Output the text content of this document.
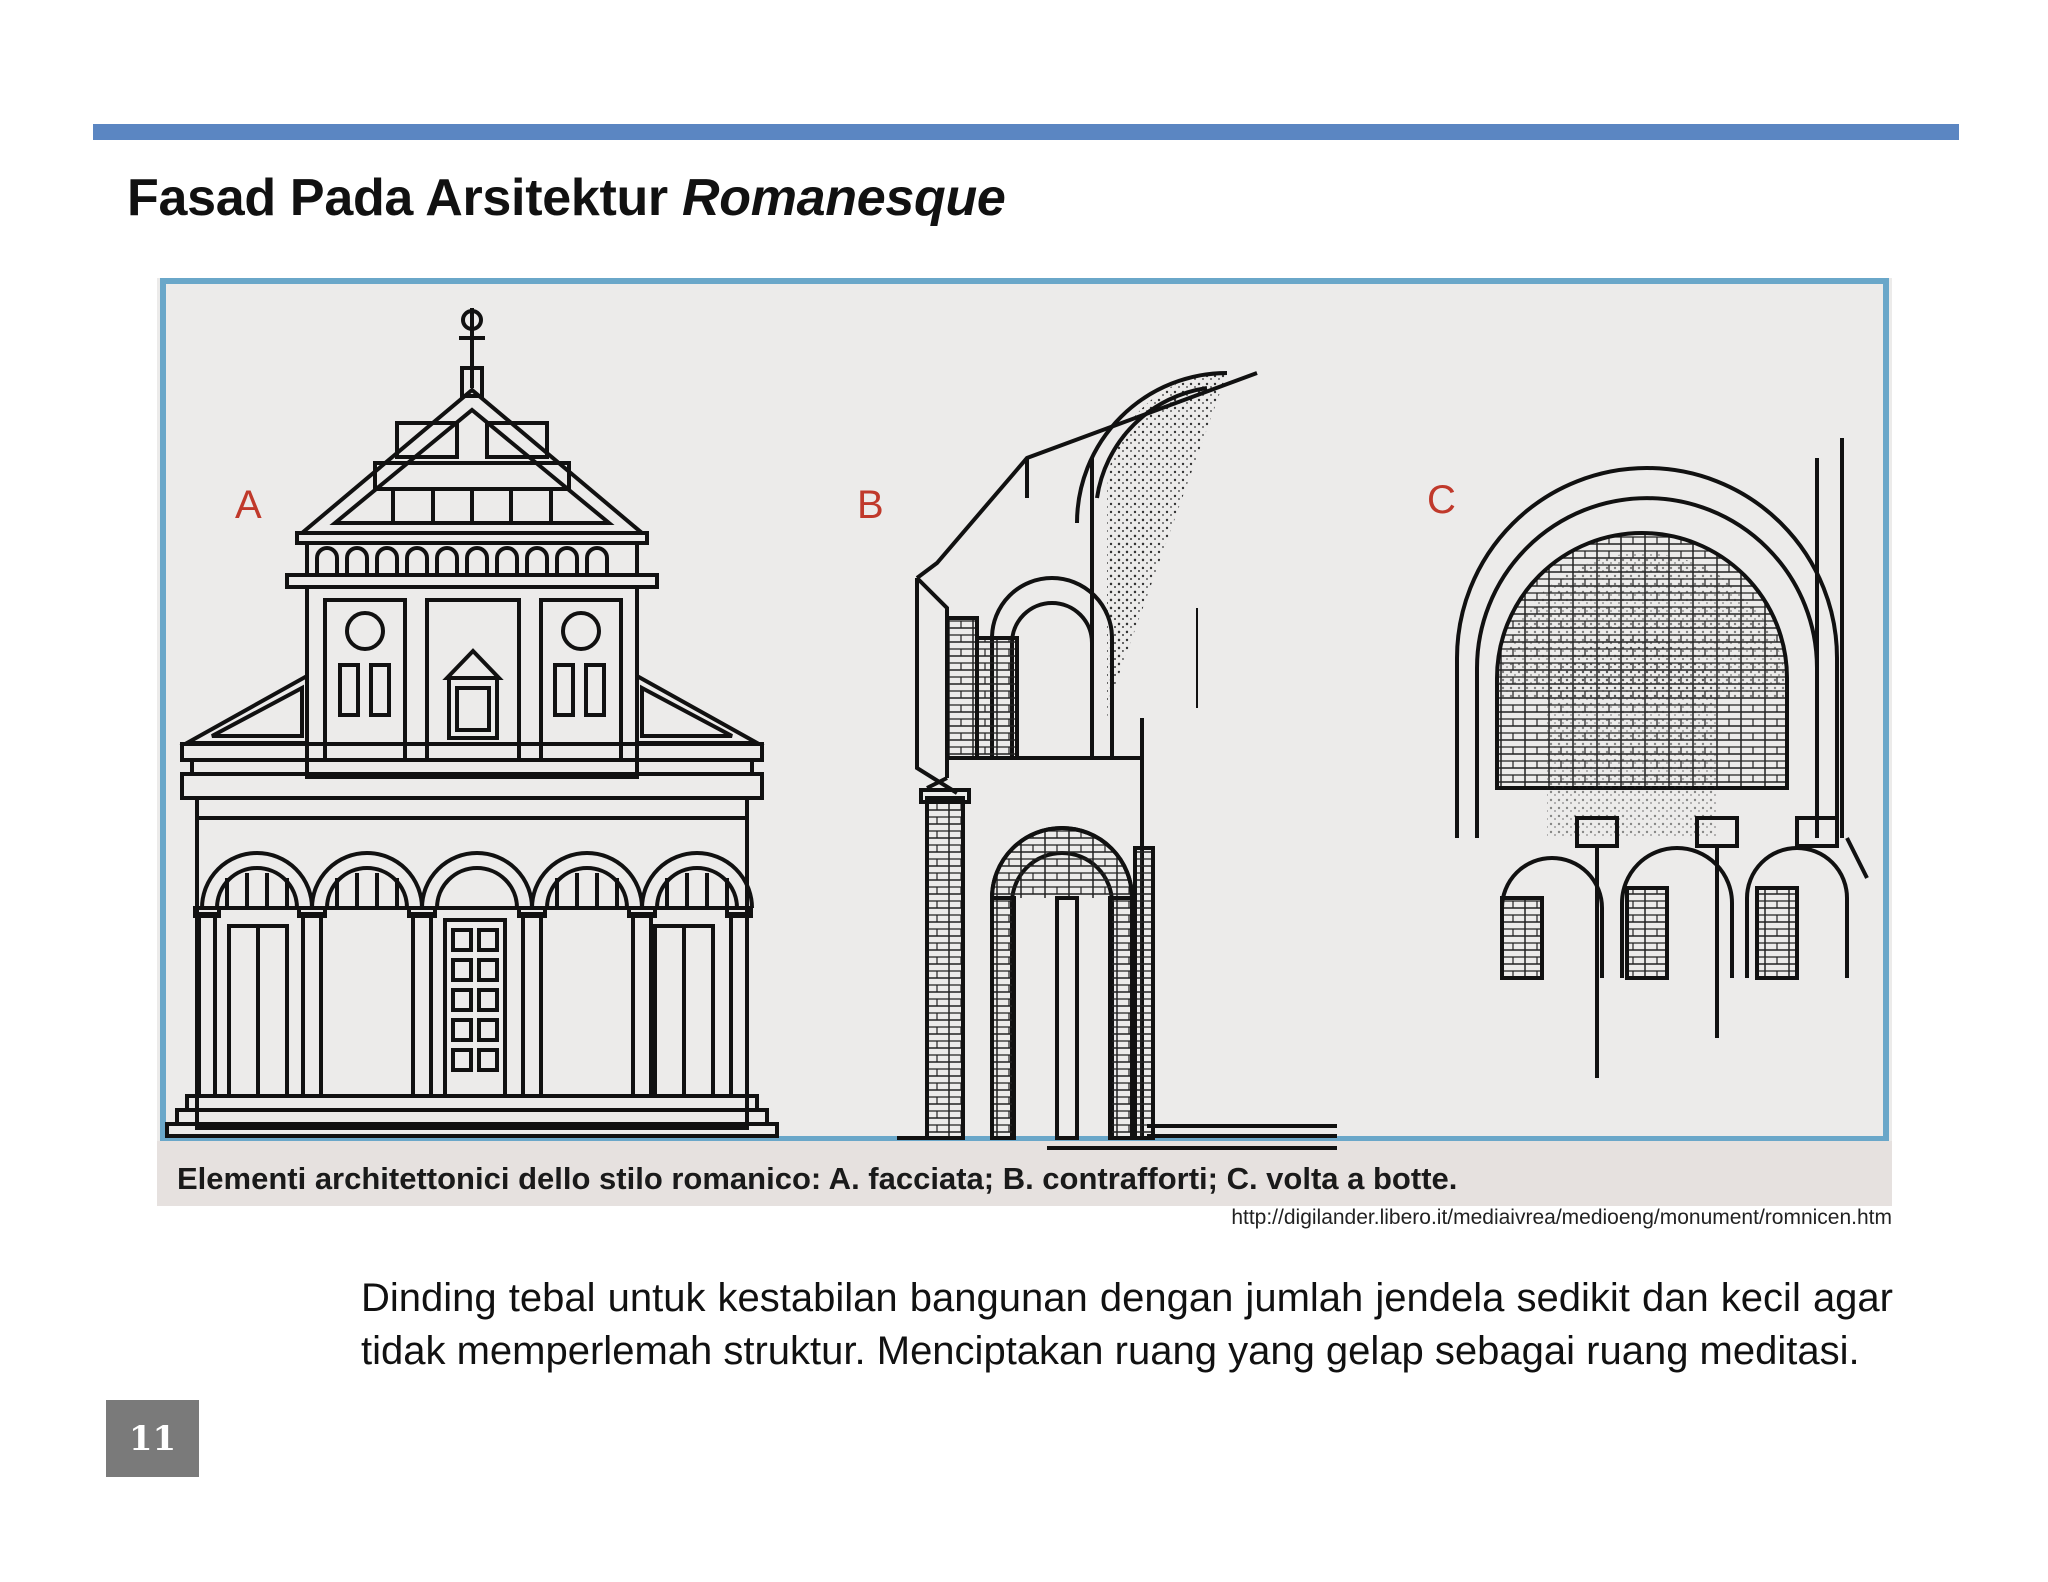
Fasad Pada Arsitektur Romanesque
A	B	C
Elementi architettonici dello stilo romanico: A. facciata; B. contrafforti; C. volta a botte.
http://digilander.libero.it/mediaivrea/medioeng/monument/romnicen.htm
Dinding tebal untuk kestabilan bangunan dengan jumlah jendela sedikit dan kecil agar tidak memperlemah struktur. Menciptakan ruang yang gelap sebagai ruang meditasi.
11
